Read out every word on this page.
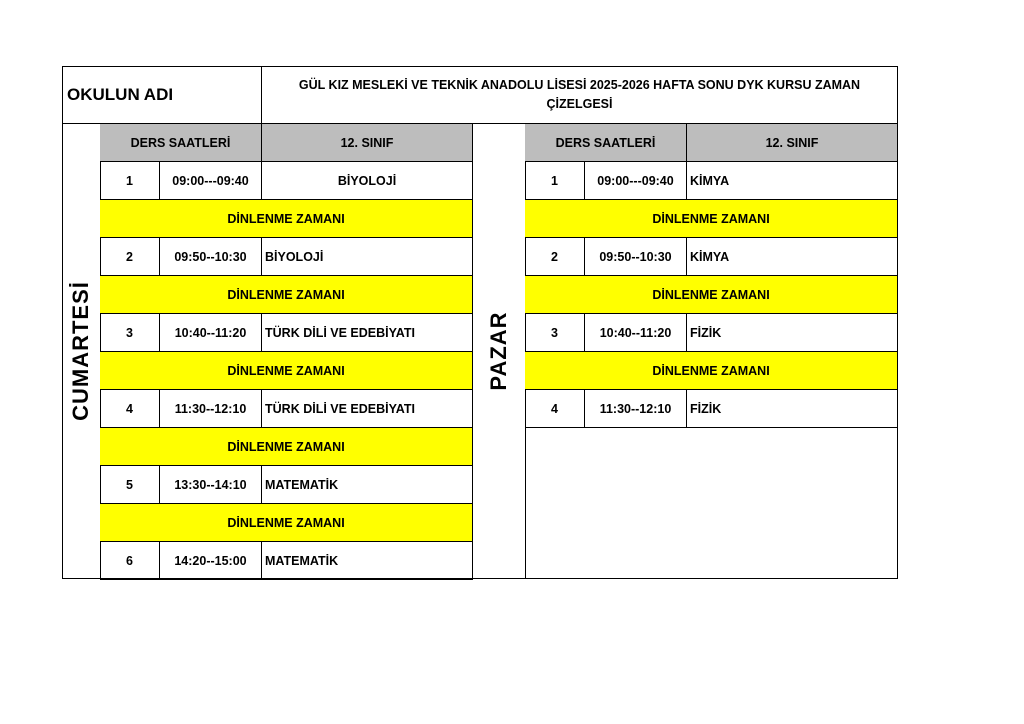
OKULUN ADI	GÜL KIZ MESLEKİ VE TEKNİK ANADOLU LİSESİ 2025-2026 HAFTA SONU DYK KURSU ZAMAN ÇİZELGESİ
CUMARTESİ	PAZAR
DERS SAATLERİ	12. SINIF
1	09:00---09:40	BİYOLOJİ
DİNLENME ZAMANI
2	09:50--10:30	BİYOLOJİ
DİNLENME ZAMANI
3	10:40--11:20	TÜRK DİLİ VE EDEBİYATI
DİNLENME ZAMANI
4	11:30--12:10	TÜRK DİLİ VE EDEBİYATI
DİNLENME ZAMANI
5	13:30--14:10	MATEMATİK
DİNLENME ZAMANI
6	14:20--15:00	MATEMATİK
DERS SAATLERİ	12. SINIF
1	09:00---09:40	KİMYA
DİNLENME ZAMANI
2	09:50--10:30	KİMYA
DİNLENME ZAMANI
3	10:40--11:20	FİZİK
DİNLENME ZAMANI
4	11:30--12:10	FİZİK
